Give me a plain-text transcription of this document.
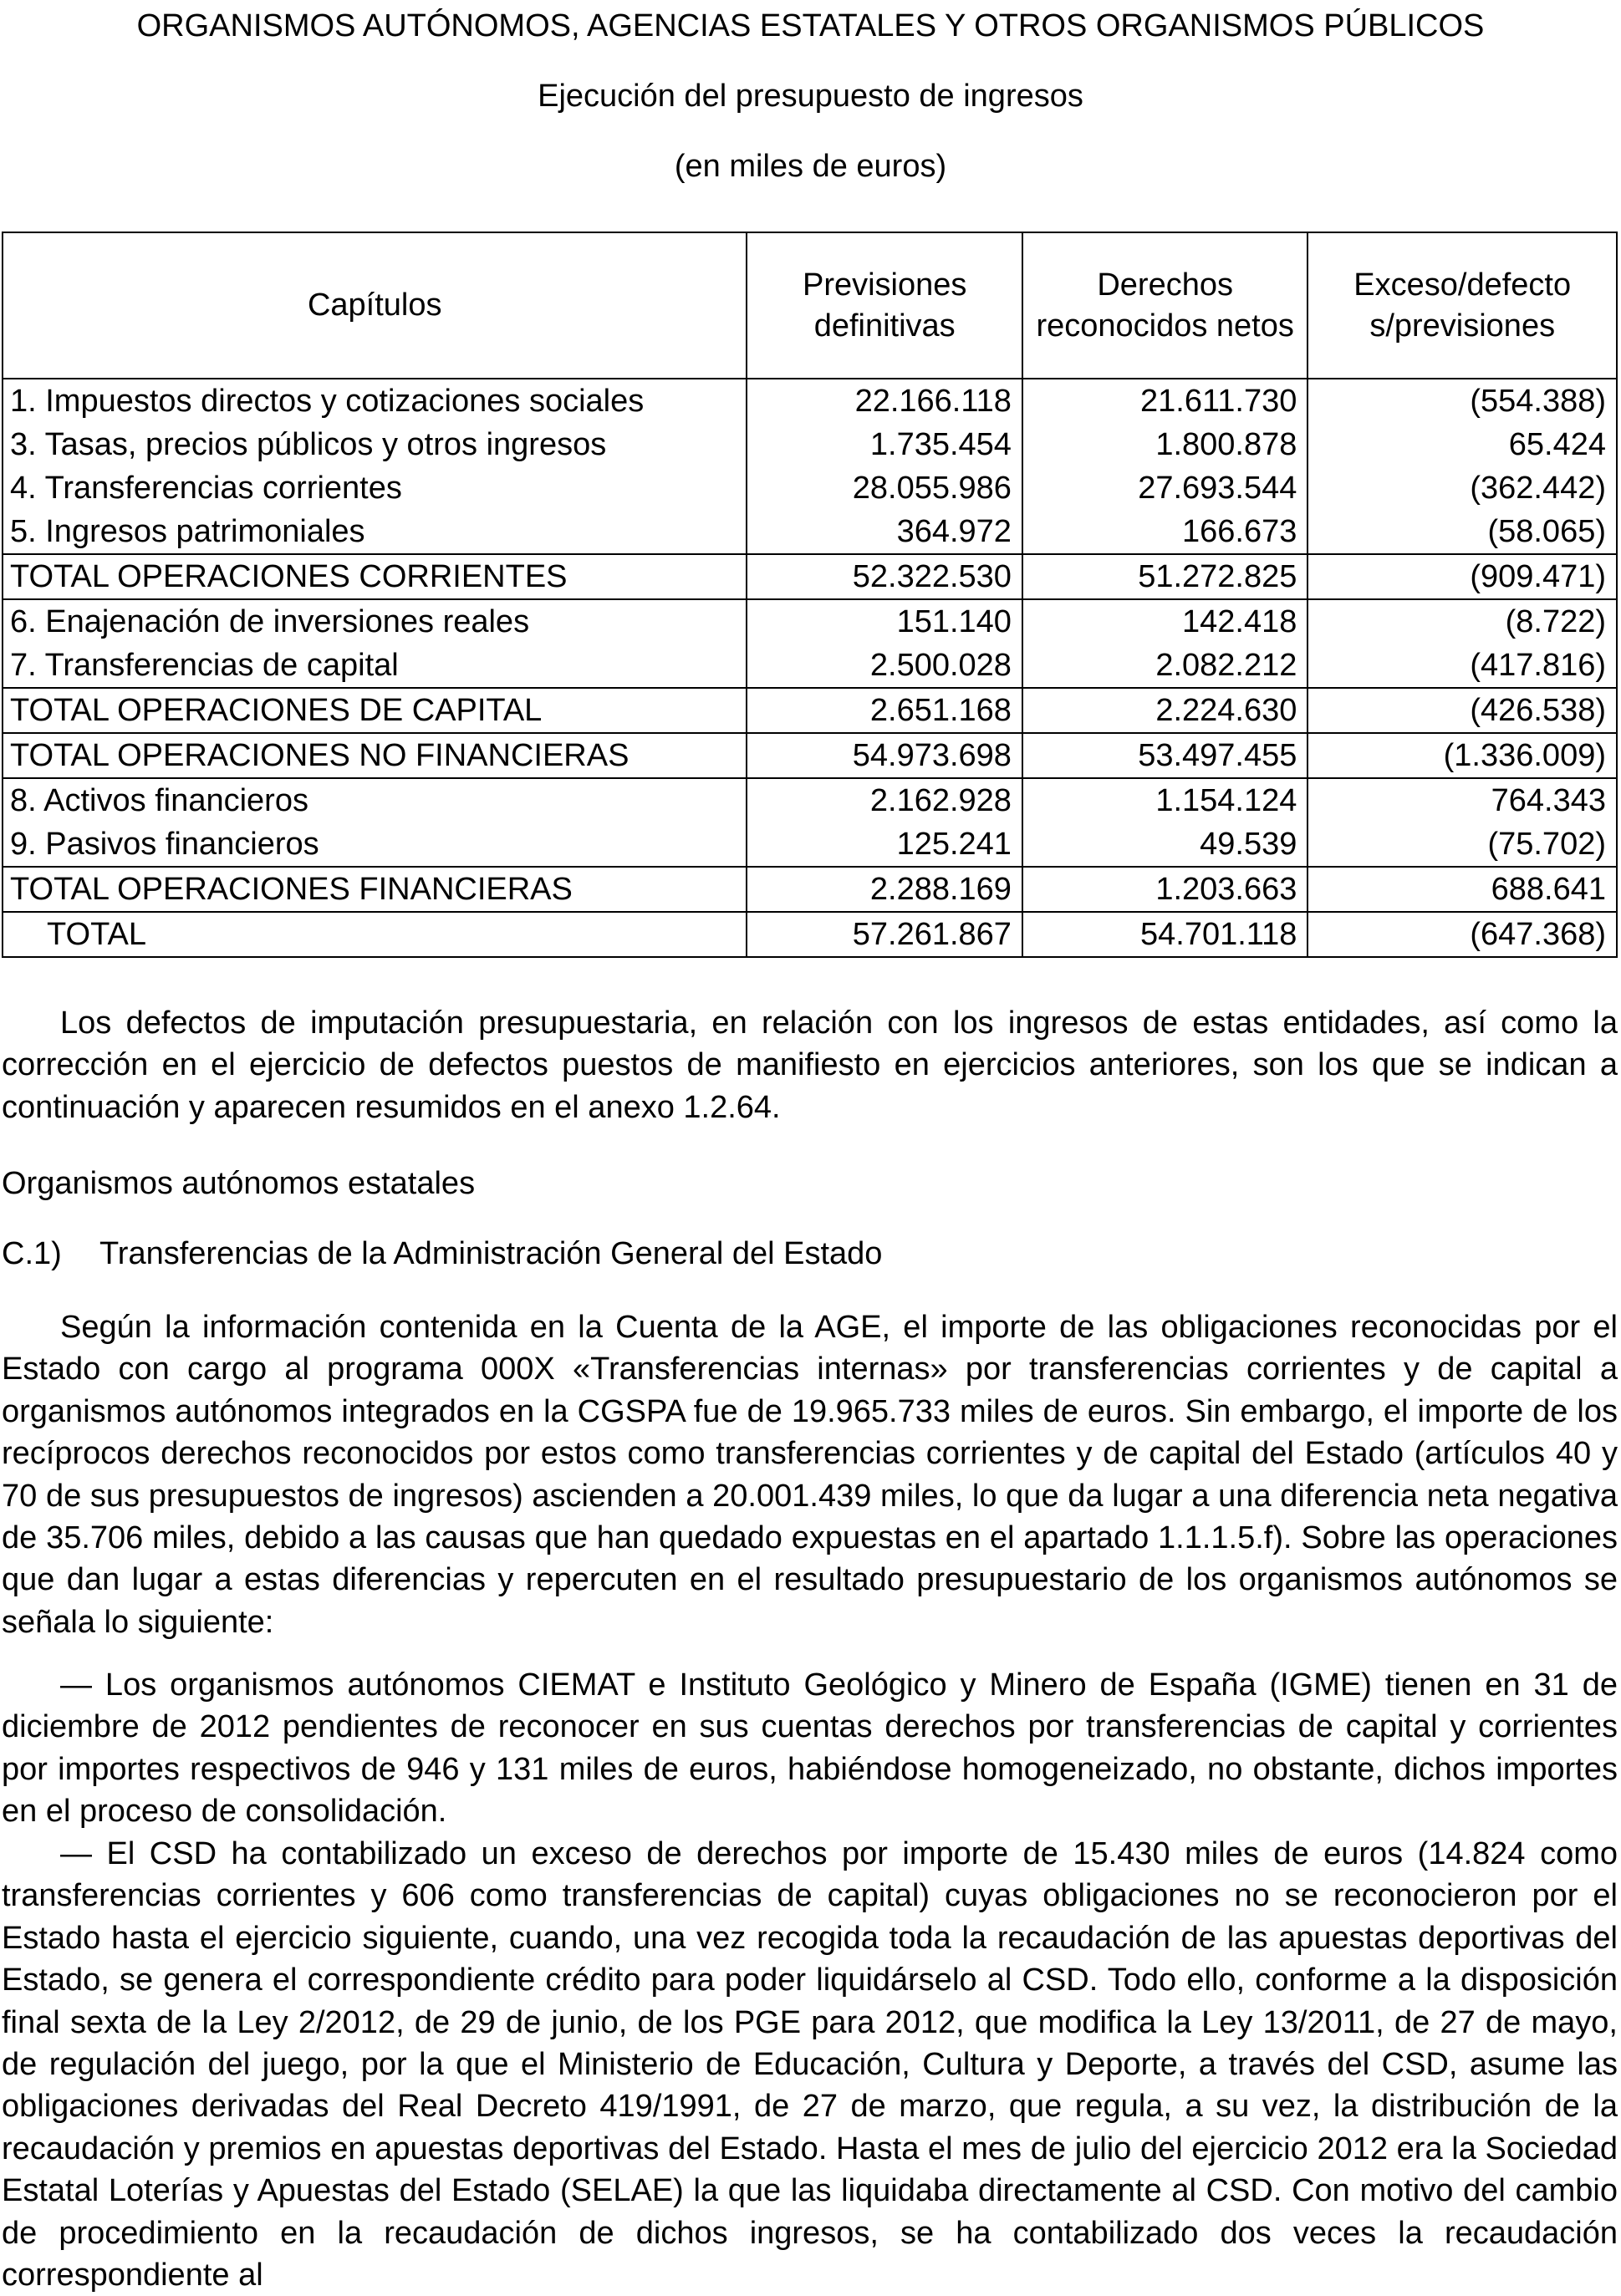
ORGANISMOS AUTÓNOMOS, AGENCIAS ESTATALES Y OTROS ORGANISMOS PÚBLICOS
Ejecución del presupuesto de ingresos
(en miles de euros)
Capítulos	Previsiones definitivas	Derechos reconocidos netos	Exceso/defecto s/previsiones
1. Impuestos directos y cotizaciones sociales	22.166.118	21.611.730	(554.388)
3. Tasas, precios públicos y otros ingresos	1.735.454	1.800.878	65.424
4. Transferencias corrientes	28.055.986	27.693.544	(362.442)
5. Ingresos patrimoniales	364.972	166.673	(58.065)
TOTAL OPERACIONES CORRIENTES	52.322.530	51.272.825	(909.471)
6. Enajenación de inversiones reales	151.140	142.418	(8.722)
7. Transferencias de capital	2.500.028	2.082.212	(417.816)
TOTAL OPERACIONES DE CAPITAL	2.651.168	2.224.630	(426.538)
TOTAL OPERACIONES NO FINANCIERAS	54.973.698	53.497.455	(1.336.009)
8. Activos financieros	2.162.928	1.154.124	764.343
9. Pasivos financieros	125.241	49.539	(75.702)
TOTAL OPERACIONES FINANCIERAS	2.288.169	1.203.663	688.641
TOTAL	57.261.867	54.701.118	(647.368)

Los defectos de imputación presupuestaria, en relación con los ingresos de estas entidades, así como la corrección en el ejercicio de defectos puestos de manifiesto en ejercicios anteriores, son los que se indican a continuación y aparecen resumidos en el anexo 1.2.64.

Organismos autónomos estatales
C.1) Transferencias de la Administración General del Estado

Según la información contenida en la Cuenta de la AGE, el importe de las obligaciones reconocidas por el Estado con cargo al programa 000X «Transferencias internas» por transferencias corrientes y de capital a organismos autónomos integrados en la CGSPA fue de 19.965.733 miles de euros. Sin embargo, el importe de los recíprocos derechos reconocidos por estos como transferencias corrientes y de capital del Estado (artículos 40 y 70 de sus presupuestos de ingresos) ascienden a 20.001.439 miles, lo que da lugar a una diferencia neta negativa de 35.706 miles, debido a las causas que han quedado expuestas en el apartado 1.1.1.5.f). Sobre las operaciones que dan lugar a estas diferencias y repercuten en el resultado presupuestario de los organismos autónomos se señala lo siguiente:

— Los organismos autónomos CIEMAT e Instituto Geológico y Minero de España (IGME) tienen en 31 de diciembre de 2012 pendientes de reconocer en sus cuentas derechos por transferencias de capital y corrientes por importes respectivos de 946 y 131 miles de euros, habiéndose homogeneizado, no obstante, dichos importes en el proceso de consolidación.

— El CSD ha contabilizado un exceso de derechos por importe de 15.430 miles de euros (14.824 como transferencias corrientes y 606 como transferencias de capital) cuyas obligaciones no se reconocieron por el Estado hasta el ejercicio siguiente, cuando, una vez recogida toda la recaudación de las apuestas deportivas del Estado, se genera el correspondiente crédito para poder liquidárselo al CSD. Todo ello, conforme a la disposición final sexta de la Ley 2/2012, de 29 de junio, de los PGE para 2012, que modifica la Ley 13/2011, de 27 de mayo, de regulación del juego, por la que el Ministerio de Educación, Cultura y Deporte, a través del CSD, asume las obligaciones derivadas del Real Decreto 419/1991, de 27 de marzo, que regula, a su vez, la distribución de la recaudación y premios en apuestas deportivas del Estado. Hasta el mes de julio del ejercicio 2012 era la Sociedad Estatal Loterías y Apuestas del Estado (SELAE) la que las liquidaba directamente al CSD. Con motivo del cambio de procedimiento en la recaudación de dichos ingresos, se ha contabilizado dos veces la recaudación correspondiente al
